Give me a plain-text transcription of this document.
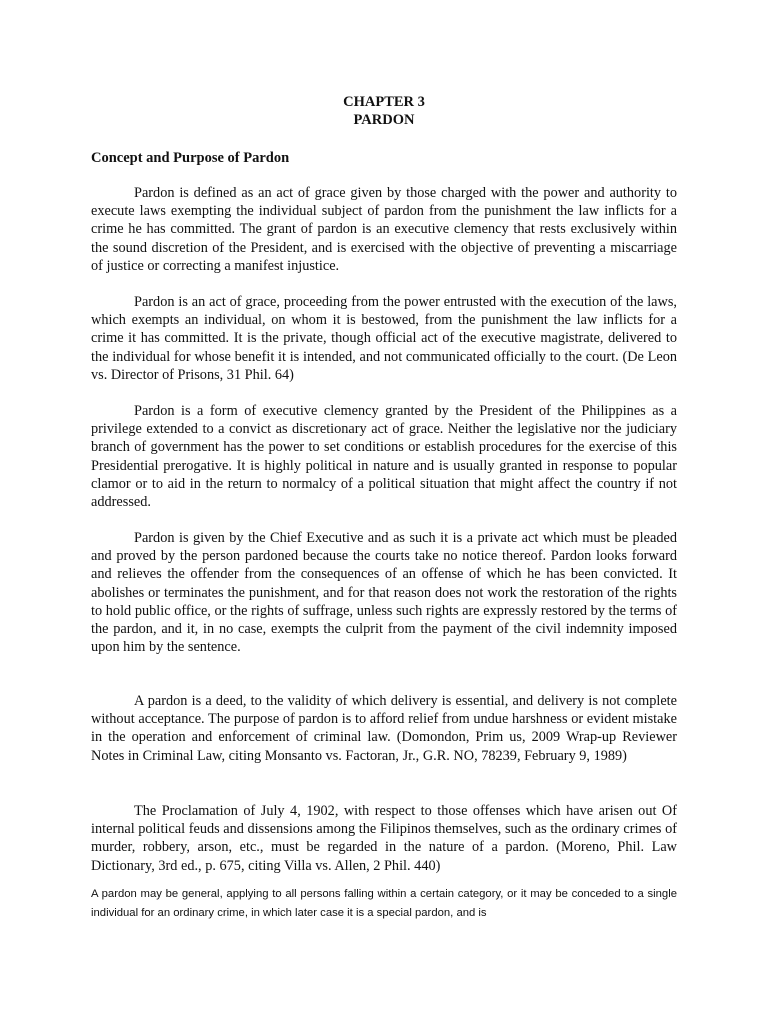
CHAPTER 3
PARDON
Concept and Purpose of Pardon

Pardon is defined as an act of grace given by those charged with the power and authority to execute laws exempting the individual subject of pardon from the punishment the law inflicts for a crime he has committed. The grant of pardon is an executive clemency that rests exclusively within the sound discretion of the President, and is exercised with the objective of preventing a miscarriage of justice or correcting a manifest injustice.

Pardon is an act of grace, proceeding from the power entrusted with the execution of the laws, which exempts an individual, on whom it is bestowed, from the punishment the law inflicts for a crime it has committed. It is the private, though official act of the executive magistrate, delivered to the individual for whose benefit it is intended, and not communicated officially to the court. (De Leon vs. Director of Prisons, 31 Phil. 64)

Pardon is a form of executive clemency granted by the President of the Philippines as a privilege extended to a convict as discretionary act of grace. Neither the legislative nor the judiciary branch of government has the power to set conditions or establish procedures for the exercise of this Presidential prerogative. It is highly political in nature and is usually granted in response to popular clamor or to aid in the return to normalcy of a political situation that might affect the country if not addressed.

Pardon is given by the Chief Executive and as such it is a private act which must be pleaded and proved by the person pardoned because the courts take no notice thereof. Pardon looks forward and relieves the offender from the consequences of an offense of which he has been convicted. It abolishes or terminates the punishment, and for that reason does not work the restoration of the rights to hold public office, or the rights of suffrage, unless such rights are expressly restored by the terms of the pardon, and it, in no case, exempts the culprit from the payment of the civil indemnity imposed upon him by the sentence.

A pardon is a deed, to the validity of which delivery is essential, and delivery is not complete without acceptance. The purpose of pardon is to afford relief from undue harshness or evident mistake in the operation and enforcement of criminal law. (Domondon, Prim us, 2009 Wrap-up Reviewer Notes in Criminal Law, citing Monsanto vs. Factoran, Jr., G.R. NO, 78239, February 9, 1989)

The Proclamation of July 4, 1902, with respect to those offenses which have arisen out Of internal political feuds and dissensions among the Filipinos themselves, such as the ordinary crimes of murder, robbery, arson, etc., must be regarded in the nature of a pardon. (Moreno, Phil. Law Dictionary, 3rd ed., p. 675, citing Villa vs. Allen, 2 Phil. 440)

A pardon may be general, applying to all persons falling within a certain category, or it may be conceded to a single individual for an ordinary crime, in which later case it is a special pardon, and is
